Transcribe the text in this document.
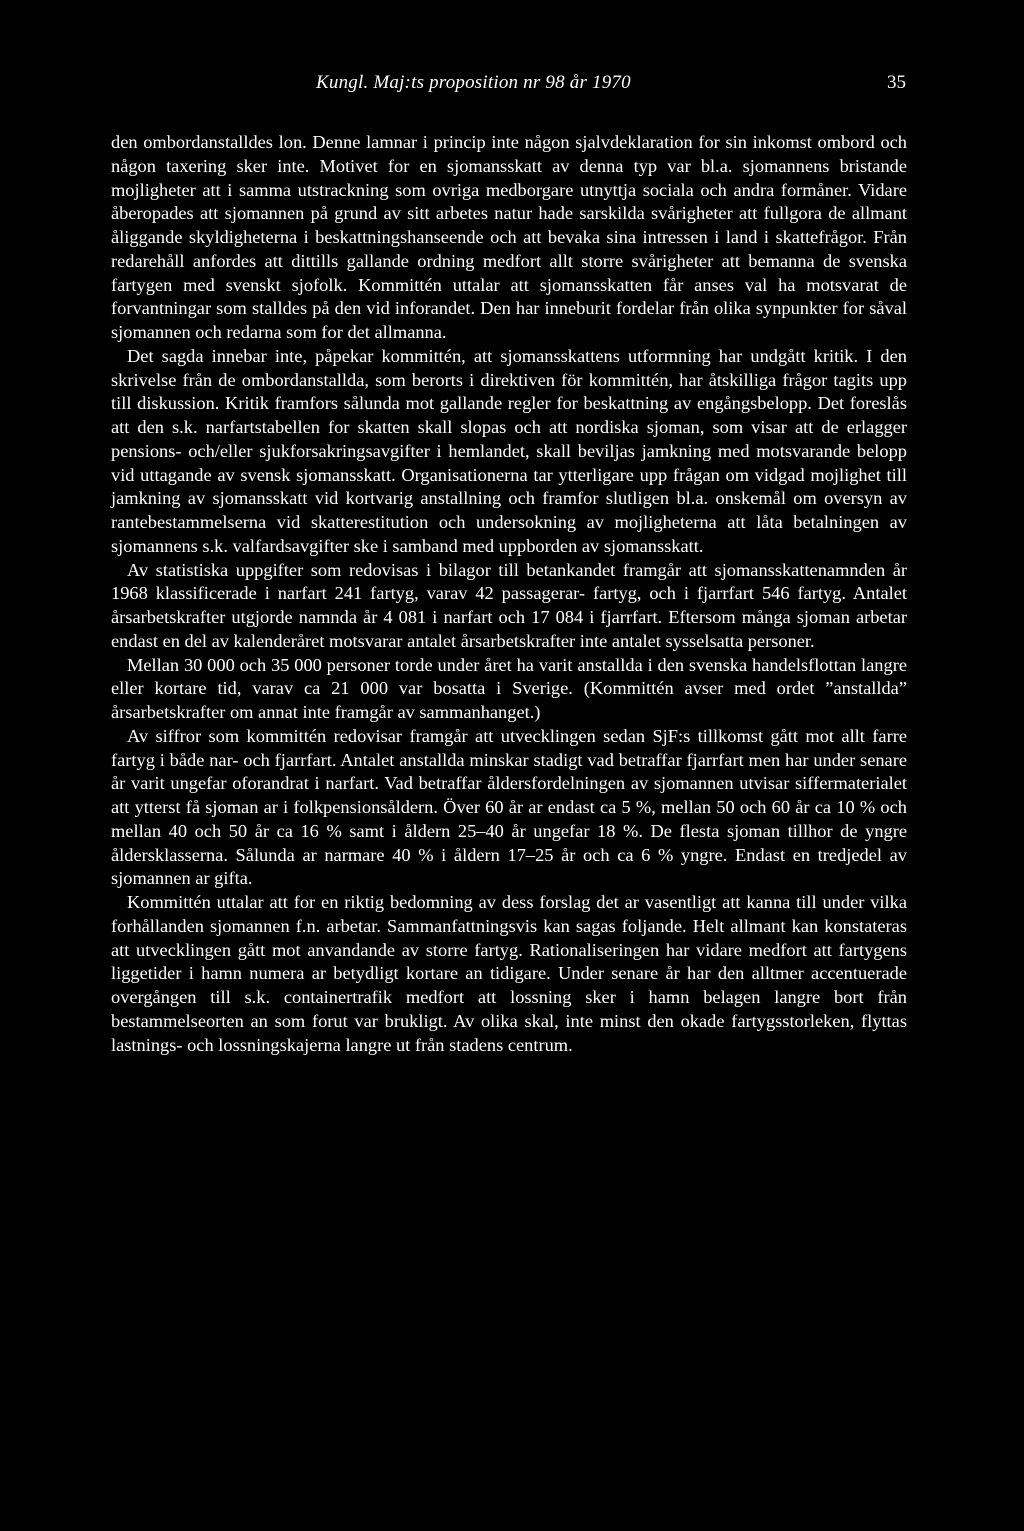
Kungl. Maj:ts proposition nr 98 år 1970	35

den ombordanstalldes lon. Denne lamnar i princip inte någon sjalvdeklaration for sin inkomst ombord och någon taxering sker inte. Motivet for en sjomansskatt av denna typ var bl.a. sjomannens bristande mojligheter att i samma utstrackning som ovriga medborgare utnyttja sociala och andra formåner. Vidare åberopades att sjomannen på grund av sitt arbetes natur hade sarskilda svårigheter att fullgora de allmant åliggande skyldigheterna i beskattningshanseende och att bevaka sina intressen i land i skattefrågor. Från redarehåll anfordes att dittills gallande ordning medfort allt storre svårigheter att bemanna de svenska fartygen med svenskt sjofolk. Kommittén uttalar att sjomansskatten får anses val ha motsvarat de forvantningar som stalldes på den vid inforandet. Den har inneburit fordelar från olika synpunkter for såval sjomannen och redarna som for det allmanna.

Det sagda innebar inte, påpekar kommittén, att sjomansskattens utformning har undgått kritik. I den skrivelse från de ombordanstallda, som berorts i direktiven för kommittén, har åtskilliga frågor tagits upp till diskussion. Kritik framfors sålunda mot gallande regler for beskattning av engångsbelopp. Det foreslås att den s.k. narfartstabellen for skatten skall slopas och att nordiska sjoman, som visar att de erlagger pensions- och/eller sjukforsakringsavgifter i hemlandet, skall beviljas jamkning med motsvarande belopp vid uttagande av svensk sjomansskatt. Organisationerna tar ytterligare upp frågan om vidgad mojlighet till jamkning av sjomansskatt vid kortvarig anstallning och framfor slutligen bl.a. onskemål om oversyn av rantebestammelserna vid skatterestitution och undersokning av mojligheterna att låta betalningen av sjomannens s.k. valfardsavgifter ske i samband med uppborden av sjomansskatt.

Av statistiska uppgifter som redovisas i bilagor till betankandet framgår att sjomansskattenamnden år 1968 klassificerade i narfart 241 fartyg, varav 42 passagerar- fartyg, och i fjarrfart 546 fartyg. Antalet årsarbetskrafter utgjorde namnda år 4 081 i narfart och 17 084 i fjarrfart. Eftersom många sjoman arbetar endast en del av kalenderåret motsvarar antalet årsarbetskrafter inte antalet sysselsatta personer.

Mellan 30 000 och 35 000 personer torde under året ha varit anstallda i den svenska handelsflottan langre eller kortare tid, varav ca 21 000 var bosatta i Sverige. (Kommittén avser med ordet ”anstallda” årsarbetskrafter om annat inte framgår av sammanhanget.)

Av siffror som kommittén redovisar framgår att utvecklingen sedan SjF:s tillkomst gått mot allt farre fartyg i både nar- och fjarrfart. Antalet anstallda minskar stadigt vad betraffar fjarrfart men har under senare år varit ungefar oforandrat i narfart. Vad betraffar åldersfordelningen av sjomannen utvisar siffermaterialet att ytterst få sjoman ar i folkpensionsåldern. Över 60 år ar endast ca 5 %, mellan 50 och 60 år ca 10 % och mellan 40 och 50 år ca 16 % samt i åldern 25–40 år ungefar 18 %. De flesta sjoman tillhor de yngre åldersklasserna. Sålunda ar narmare 40 % i åldern 17–25 år och ca 6 % yngre. Endast en tredjedel av sjomannen ar gifta.

Kommittén uttalar att for en riktig bedomning av dess forslag det ar vasentligt att kanna till under vilka forhållanden sjomannen f.n. arbetar. Sammanfattningsvis kan sagas foljande. Helt allmant kan konstateras att utvecklingen gått mot anvandande av storre fartyg. Rationaliseringen har vidare medfort att fartygens liggetider i hamn numera ar betydligt kortare an tidigare. Under senare år har den alltmer accentuerade overgången till s.k. containertrafik medfort att lossning sker i hamn belagen langre bort från bestammelseorten an som forut var brukligt. Av olika skal, inte minst den okade fartygsstorleken, flyttas lastnings- och lossningskajerna langre ut från stadens centrum.
